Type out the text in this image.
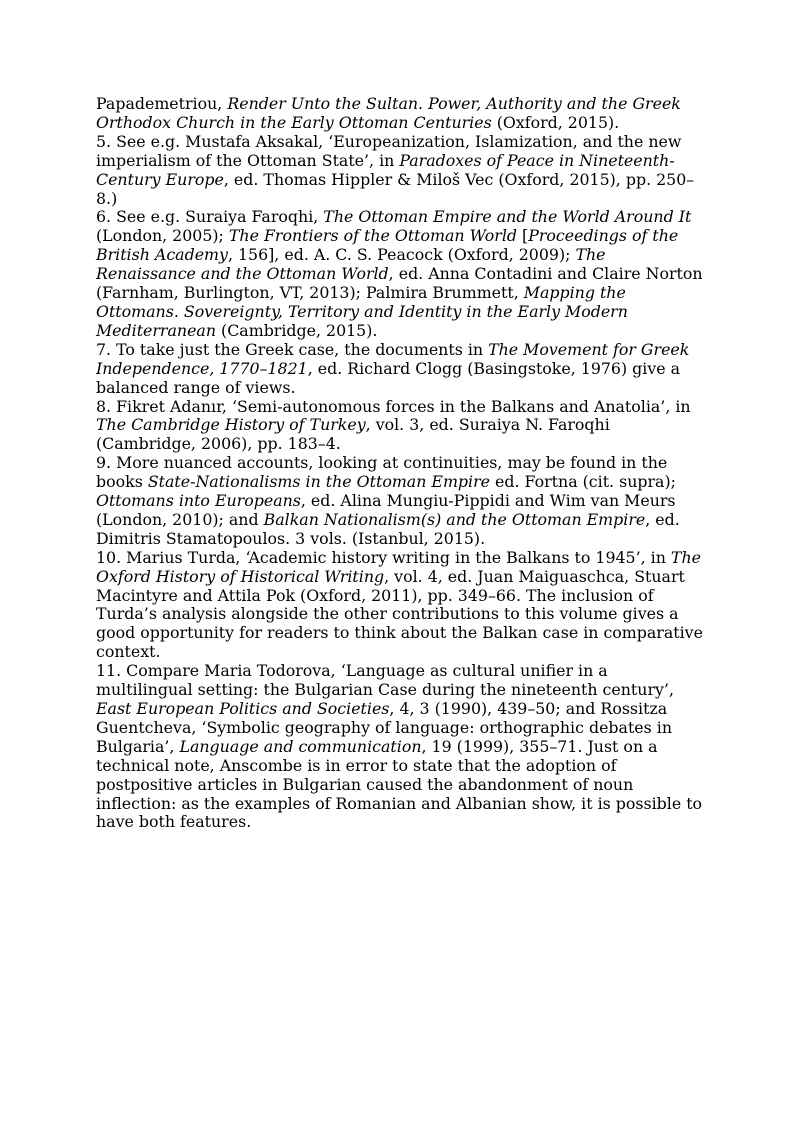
Papademetriou, Render Unto the Sultan. Power, Authority and the Greek Orthodox Church in the Early Ottoman Centuries (Oxford, 2015).

5. See e.g. Mustafa Aksakal, ‘Europeanization, Islamization, and the new imperialism of the Ottoman State’, in Paradoxes of Peace in Nineteenth-Century Europe, ed. Thomas Hippler & Miloš Vec (Oxford, 2015), pp. 250–8.)

6. See e.g. Suraiya Faroqhi, The Ottoman Empire and the World Around It (London, 2005); The Frontiers of the Ottoman World [Proceedings of the British Academy, 156], ed. A. C. S. Peacock (Oxford, 2009); The Renaissance and the Ottoman World, ed. Anna Contadini and Claire Norton (Farnham, Burlington, VT, 2013); Palmira Brummett, Mapping the Ottomans. Sovereignty, Territory and Identity in the Early Modern Mediterranean (Cambridge, 2015).

7. To take just the Greek case, the documents in The Movement for Greek Independence, 1770–1821, ed. Richard Clogg (Basingstoke, 1976) give a balanced range of views.

8. Fikret Adanır, ‘Semi-autonomous forces in the Balkans and Anatolia’, in The Cambridge History of Turkey, vol. 3, ed. Suraiya N. Faroqhi (Cambridge, 2006), pp. 183–4.

9. More nuanced accounts, looking at continuities, may be found in the books State-Nationalisms in the Ottoman Empire ed. Fortna (cit. supra); Ottomans into Europeans, ed. Alina Mungiu-Pippidi and Wim van Meurs (London, 2010); and Balkan Nationalism(s) and the Ottoman Empire, ed. Dimitris Stamatopoulos. 3 vols. (Istanbul, 2015).

10. Marius Turda, ‘Academic history writing in the Balkans to 1945’, in The Oxford History of Historical Writing, vol. 4, ed. Juan Maiguaschca, Stuart Macintyre and Attila Pok (Oxford, 2011), pp. 349–66. The inclusion of Turda’s analysis alongside the other contributions to this volume gives a good opportunity for readers to think about the Balkan case in comparative context.

11. Compare Maria Todorova, ‘Language as cultural unifier in a multilingual setting: the Bulgarian Case during the nineteenth century’, East European Politics and Societies, 4, 3 (1990), 439–50; and Rossitza Guentcheva, ‘Symbolic geography of language: orthographic debates in Bulgaria’, Language and communication, 19 (1999), 355–71. Just on a technical note, Anscombe is in error to state that the adoption of postpositive articles in Bulgarian caused the abandonment of noun inflection: as the examples of Romanian and Albanian show, it is possible to have both features.
